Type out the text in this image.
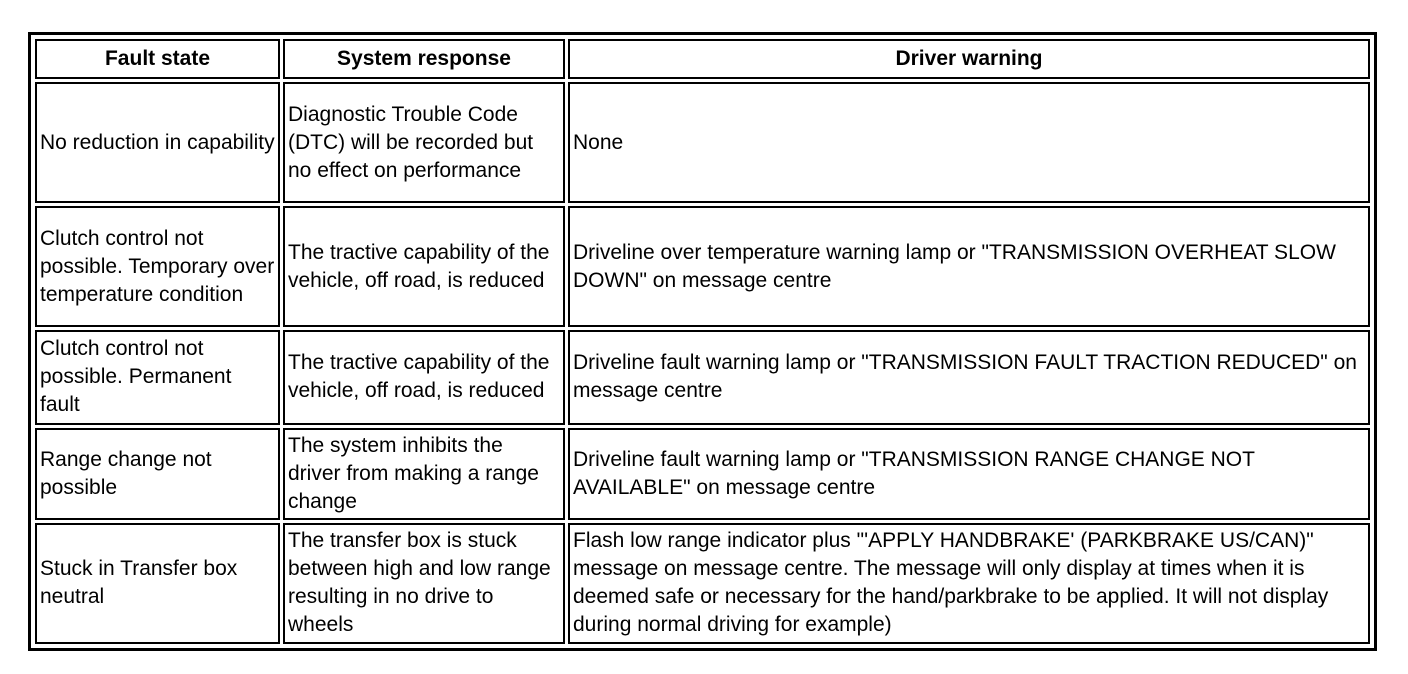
Fault state	System response	Driver warning
No reduction in capability	Diagnostic Trouble Code (DTC) will be recorded but no effect on performance	None
Clutch control not possible. Temporary over temperature condition	The tractive capability of the vehicle, off road, is reduced	Driveline over temperature warning lamp or "TRANSMISSION OVERHEAT SLOW DOWN" on message centre
Clutch control not possible. Permanent fault	The tractive capability of the vehicle, off road, is reduced	Driveline fault warning lamp or "TRANSMISSION FAULT TRACTION REDUCED" on message centre
Range change not possible	The system inhibits the driver from making a range change	Driveline fault warning lamp or "TRANSMISSION RANGE CHANGE NOT AVAILABLE" on message centre
Stuck in Transfer box neutral	The transfer box is stuck between high and low range resulting in no drive to wheels	Flash low range indicator plus "'APPLY HANDBRAKE' (PARKBRAKE US/CAN)" message on message centre. The message will only display at times when it is deemed safe or necessary for the hand/parkbrake to be applied. It will not display during normal driving for example)
